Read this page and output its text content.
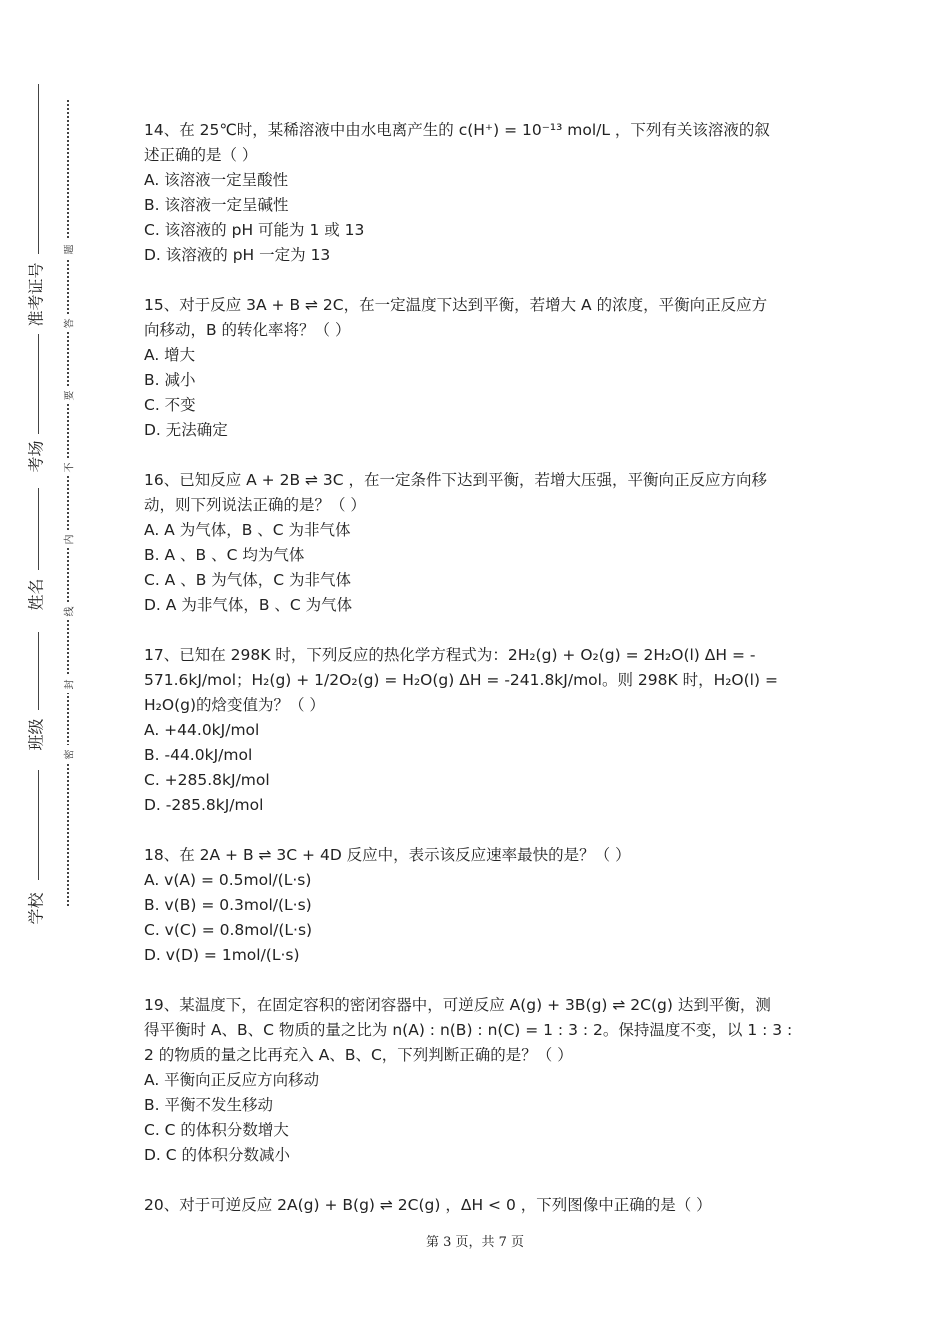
准考证号
考场
姓名
班级
学校
题
答
要
不
内
线
封
密
14、在 25℃时，某稀溶液中由水电离产生的 c(H⁺) = 10⁻¹³ mol/L ，下列有关该溶液的叙
述正确的是（ ）
A. 该溶液一定呈酸性
B. 该溶液一定呈碱性
C. 该溶液的 pH 可能为 1 或 13
D. 该溶液的 pH 一定为 13
15、对于反应 3A + B ⇌ 2C，在一定温度下达到平衡，若增大 A 的浓度，平衡向正反应方
向移动，B 的转化率将？（ ）
A. 增大
B. 减小
C. 不变
D. 无法确定
16、已知反应 A + 2B ⇌ 3C ，在一定条件下达到平衡，若增大压强，平衡向正反应方向移
动，则下列说法正确的是？（ ）
A. A 为气体，B 、C 为非气体
B. A 、B 、C 均为气体
C. A 、B 为气体，C 为非气体
D. A 为非气体，B 、C 为气体
17、已知在 298K 时，下列反应的热化学方程式为：2H₂(g) + O₂(g) = 2H₂O(l) ΔH = -
571.6kJ/mol；H₂(g) + 1/2O₂(g) = H₂O(g) ΔH = -241.8kJ/mol。则 298K 时，H₂O(l) =
H₂O(g)的焓变值为？（ ）
A. +44.0kJ/mol
B. -44.0kJ/mol
C. +285.8kJ/mol
D. -285.8kJ/mol
18、在 2A + B ⇌ 3C + 4D 反应中，表示该反应速率最快的是？（ ）
A. v(A) = 0.5mol/(L·s)
B. v(B) = 0.3mol/(L·s)
C. v(C) = 0.8mol/(L·s)
D. v(D) = 1mol/(L·s)
19、某温度下，在固定容积的密闭容器中，可逆反应 A(g) + 3B(g) ⇌ 2C(g) 达到平衡，测
得平衡时 A、B、C 物质的量之比为 n(A) : n(B) : n(C) = 1 : 3 : 2。保持温度不变，以 1 : 3 :
2 的物质的量之比再充入 A、B、C，下列判断正确的是？（ ）
A. 平衡向正反应方向移动
B. 平衡不发生移动
C. C 的体积分数增大
D. C 的体积分数减小
20、对于可逆反应 2A(g) + B(g) ⇌ 2C(g) ，ΔH < 0 ，下列图像中正确的是（ ）
第 3 页，共 7 页
